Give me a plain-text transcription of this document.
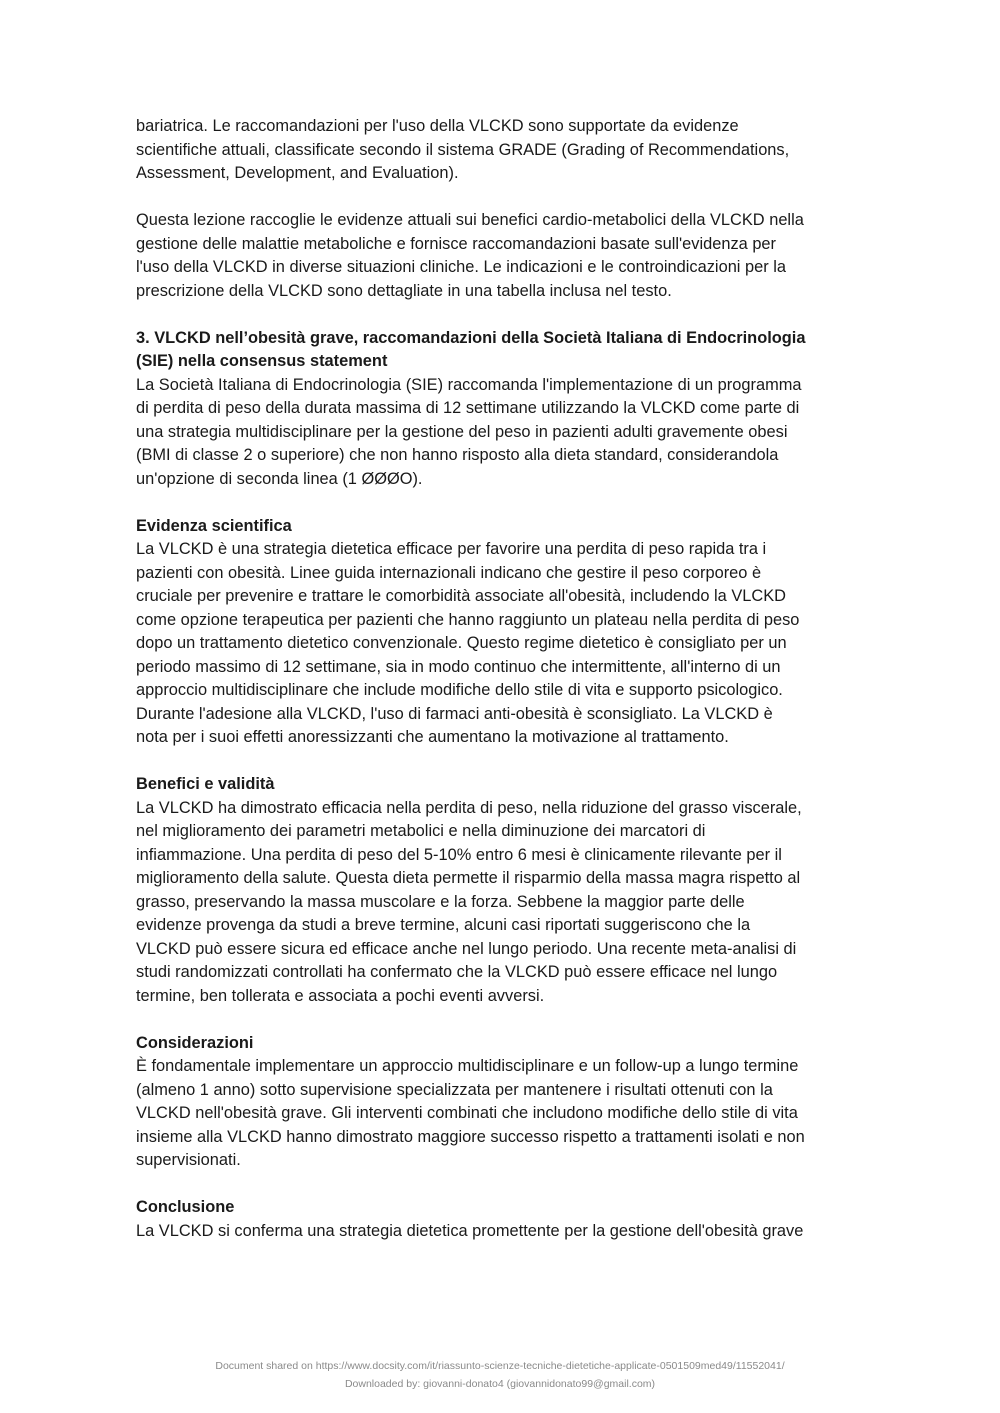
bariatrica. Le raccomandazioni per l'uso della VLCKD sono supportate da evidenze
scientifiche attuali, classificate secondo il sistema GRADE (Grading of Recommendations,
Assessment, Development, and Evaluation).

Questa lezione raccoglie le evidenze attuali sui benefici cardio-metabolici della VLCKD nella
gestione delle malattie metaboliche e fornisce raccomandazioni basate sull'evidenza per
l'uso della VLCKD in diverse situazioni cliniche. Le indicazioni e le controindicazioni per la
prescrizione della VLCKD sono dettagliate in una tabella inclusa nel testo.

3. VLCKD nell’obesità grave, raccomandazioni della Società Italiana di Endocrinologia
(SIE) nella consensus statement

La Società Italiana di Endocrinologia (SIE) raccomanda l'implementazione di un programma
di perdita di peso della durata massima di 12 settimane utilizzando la VLCKD come parte di
una strategia multidisciplinare per la gestione del peso in pazienti adulti gravemente obesi
(BMI di classe 2 o superiore) che non hanno risposto alla dieta standard, considerandola
un'opzione di seconda linea (1 ØØØO).

Evidenza scientifica

La VLCKD è una strategia dietetica efficace per favorire una perdita di peso rapida tra i
pazienti con obesità. Linee guida internazionali indicano che gestire il peso corporeo è
cruciale per prevenire e trattare le comorbidità associate all'obesità, includendo la VLCKD
come opzione terapeutica per pazienti che hanno raggiunto un plateau nella perdita di peso
dopo un trattamento dietetico convenzionale. Questo regime dietetico è consigliato per un
periodo massimo di 12 settimane, sia in modo continuo che intermittente, all'interno di un
approccio multidisciplinare che include modifiche dello stile di vita e supporto psicologico.
Durante l'adesione alla VLCKD, l'uso di farmaci anti-obesità è sconsigliato. La VLCKD è
nota per i suoi effetti anoressizzanti che aumentano la motivazione al trattamento.

Benefici e validità

La VLCKD ha dimostrato efficacia nella perdita di peso, nella riduzione del grasso viscerale,
nel miglioramento dei parametri metabolici e nella diminuzione dei marcatori di
infiammazione. Una perdita di peso del 5-10% entro 6 mesi è clinicamente rilevante per il
miglioramento della salute. Questa dieta permette il risparmio della massa magra rispetto al
grasso, preservando la massa muscolare e la forza. Sebbene la maggior parte delle
evidenze provenga da studi a breve termine, alcuni casi riportati suggeriscono che la
VLCKD può essere sicura ed efficace anche nel lungo periodo. Una recente meta-analisi di
studi randomizzati controllati ha confermato che la VLCKD può essere efficace nel lungo
termine, ben tollerata e associata a pochi eventi avversi.

Considerazioni

È fondamentale implementare un approccio multidisciplinare e un follow-up a lungo termine
(almeno 1 anno) sotto supervisione specializzata per mantenere i risultati ottenuti con la
VLCKD nell'obesità grave. Gli interventi combinati che includono modifiche dello stile di vita
insieme alla VLCKD hanno dimostrato maggiore successo rispetto a trattamenti isolati e non
supervisionati.

Conclusione

La VLCKD si conferma una strategia dietetica promettente per la gestione dell'obesità grave

Document shared on https://www.docsity.com/it/riassunto-scienze-tecniche-dietetiche-applicate-0501509med49/11552041/
Downloaded by: giovanni-donato4 (giovannidonato99@gmail.com)
